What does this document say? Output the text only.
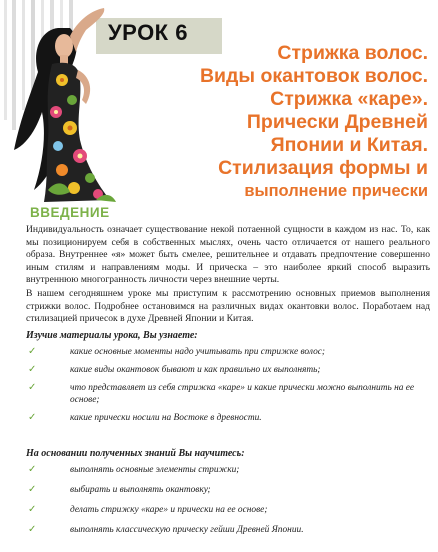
УРОК 6
Стрижка волос.
Виды окантовок волос.
Стрижка «каре».
Прически Древней
Японии и Китая.
Стилизация формы и
выполнение прически
ВВЕДЕНИЕ
Индивидуальность означает существование некой потаенной сущности в каждом из нас. То, как мы позиционируем себя в собственных мыслях, очень часто отличается от нашего реального образа. Внутреннее «я» может быть смелее, решительнее и отдавать предпочтение совершенно иным стилям и направлениям моды. И прическа – это наиболее яркий способ выразить внутреннюю многогранность личности через внешние черты.
В нашем сегодняшнем уроке мы приступим к рассмотрению основных приемов выполнения стрижки волос. Подробнее остановимся на различных видах окантовки волос. Поработаем над стилизацией причесок в духе Древней Японии и Китая.
Изучив материалы урока, Вы узнаете:
✓	какие основные моменты надо учитывать при стрижке волос;
✓	какие виды окантовок бывают и как правильно их выполнять;
✓	что представляет из себя стрижка «каре» и какие прически можно выполнить на ее основе;
✓	какие прически носили на Востоке в древности.
На основании полученных знаний Вы научитесь:
✓	выполнять основные элементы стрижки;
✓	выбирать и выполнять окантовку;
✓	делать стрижку «каре» и прически на ее основе;
✓	выполнять классическую прическу гейши Древней Японии.
